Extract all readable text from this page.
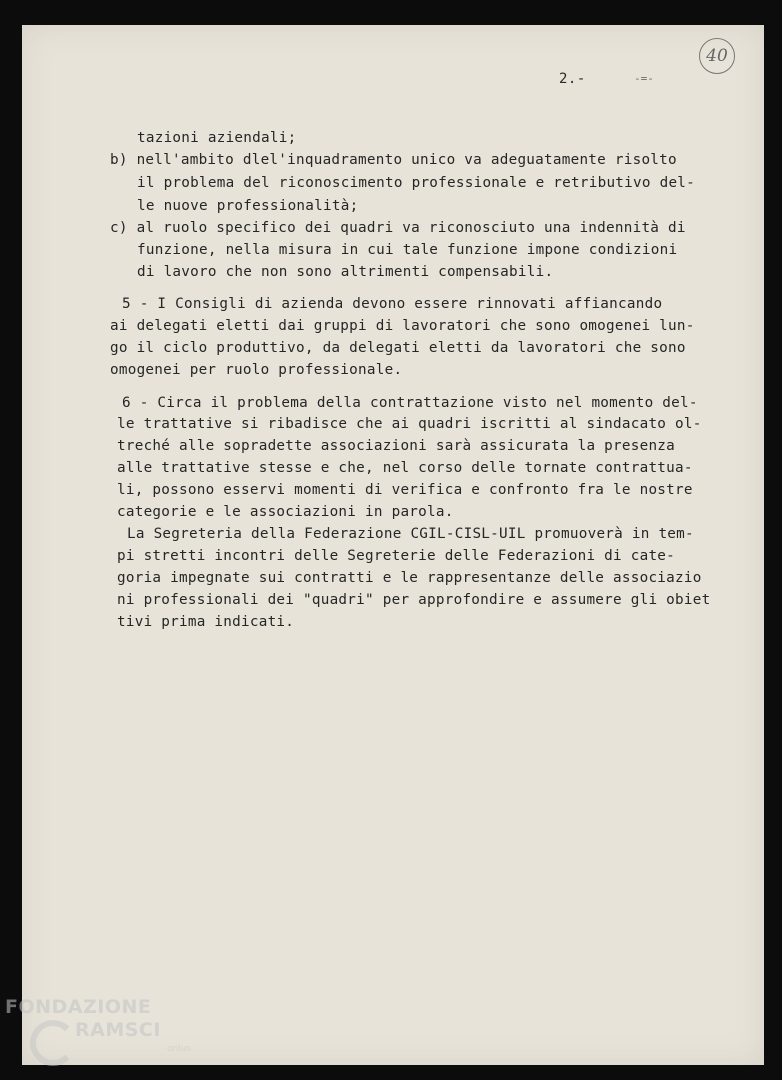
40
2.-	-=-
tazioni aziendali;
b) nell'ambito dlel'inquadramento unico va adeguatamente risolto
il problema del riconoscimento professionale e retributivo del-
le nuove professionalità;
c) al ruolo specifico dei quadri va riconosciuto una indennità di
funzione, nella misura in cui tale funzione impone condizioni
di lavoro che non sono altrimenti compensabili.
5 - I Consigli di azienda devono essere rinnovati affiancando
ai delegati eletti dai gruppi di lavoratori che sono omogenei lun-
go il ciclo produttivo, da delegati eletti da lavoratori che sono
omogenei per ruolo professionale.
6 - Circa il problema della contrattazione visto nel momento del-
le trattative si ribadisce che ai quadri iscritti al sindacato ol-
treché alle sopradette associazioni sarà assicurata la presenza
alle trattative stesse e che, nel corso delle tornate contrattua-
li, possono esservi momenti di verifica e confronto fra le nostre
categorie e le associazioni in parola.
La Segreteria della Federazione CGIL-CISL-UIL promuoverà in tem-
pi stretti incontri delle Segreterie delle Federazioni di cate-
goria impegnate sui contratti e le rappresentanze delle associazio
ni professionali dei "quadri" per approfondire e assumere gli obiet
tivi prima indicati.
FONDAZIONE
RAMSCI
onlus
